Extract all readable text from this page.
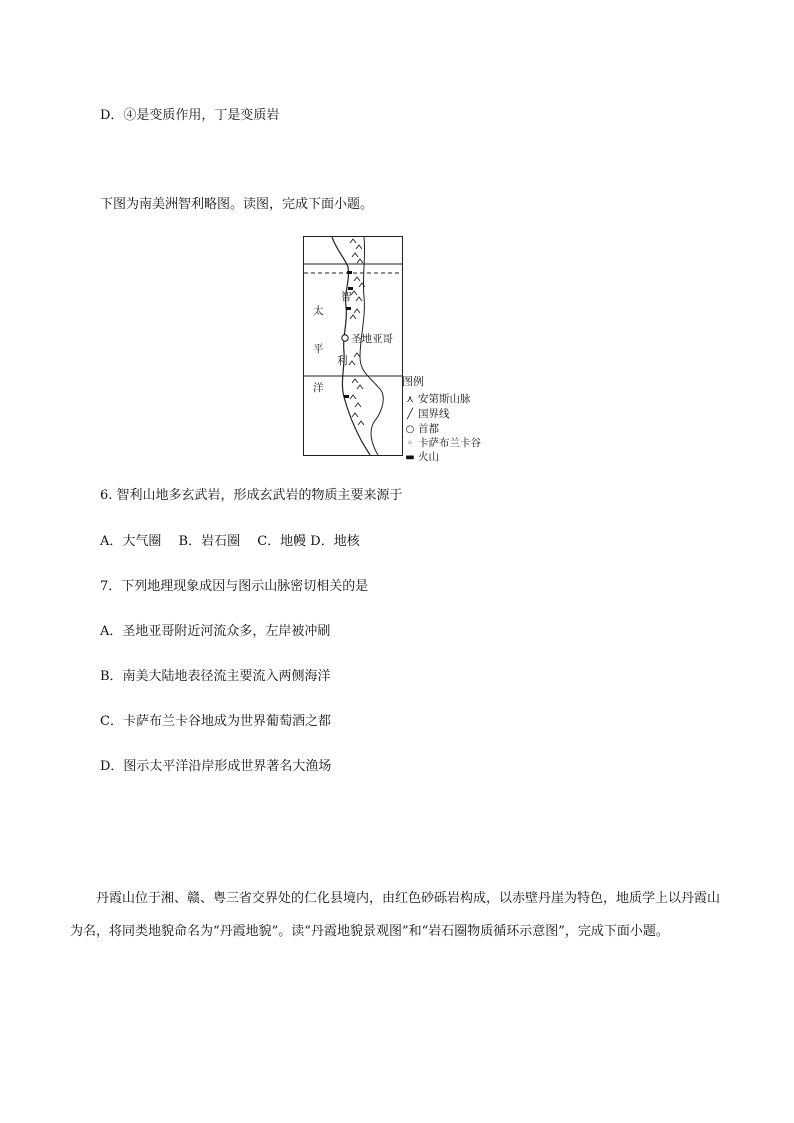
D．④是变质作用，丁是变质岩
下图为南美洲智利略图。读图，完成下面小题。
太
平
洋
智
利
圣地亚哥
图例
⋏ 安第斯山脉
╱ 国界线
○ 首都
◦ 卡萨布兰卡谷
▬ 火山
6. 智利山地多玄武岩，形成玄武岩的物质主要来源于
A．大气圈　 B．岩石圈　 C．地幔 D．地核
7．下列地理现象成因与图示山脉密切相关的是
A．圣地亚哥附近河流众多，左岸被冲刷
B．南美大陆地表径流主要流入两侧海洋
C．卡萨布兰卡谷地成为世界葡萄酒之都
D．图示太平洋沿岸形成世界著名大渔场
丹霞山位于湘、赣、粤三省交界处的仁化县境内，由红色砂砾岩构成，以赤壁丹崖为特色，地质学上以丹霞山为名，将同类地貌命名为“丹霞地貌”。读“丹霞地貌景观图”和“岩石圈物质循环示意图”，完成下面小题。
